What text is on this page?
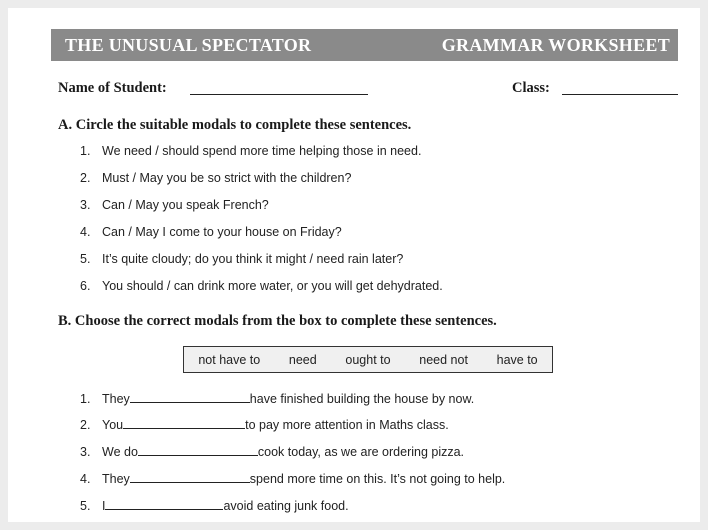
THE UNUSUAL SPECTATOR	GRAMMAR WORKSHEET
Name of Student:	Class:
A. Circle the suitable modals to complete these sentences.
1. We need / should spend more time helping those in need.
2. Must / May you be so strict with the children?
3. Can / May you speak French?
4. Can / May I come to your house on Friday?
5. It’s quite cloudy; do you think it might / need rain later?
6. You should / can drink more water, or you will get dehydrated.
B. Choose the correct modals from the box to complete these sentences.
not have to need ought to need not have to
1. They	have finished building the house by now.
2. You	to pay more attention in Maths class.
3. We do	cook today, as we are ordering pizza.
4. They	spend more time on this. It’s not going to help.
5. I	avoid eating junk food.
